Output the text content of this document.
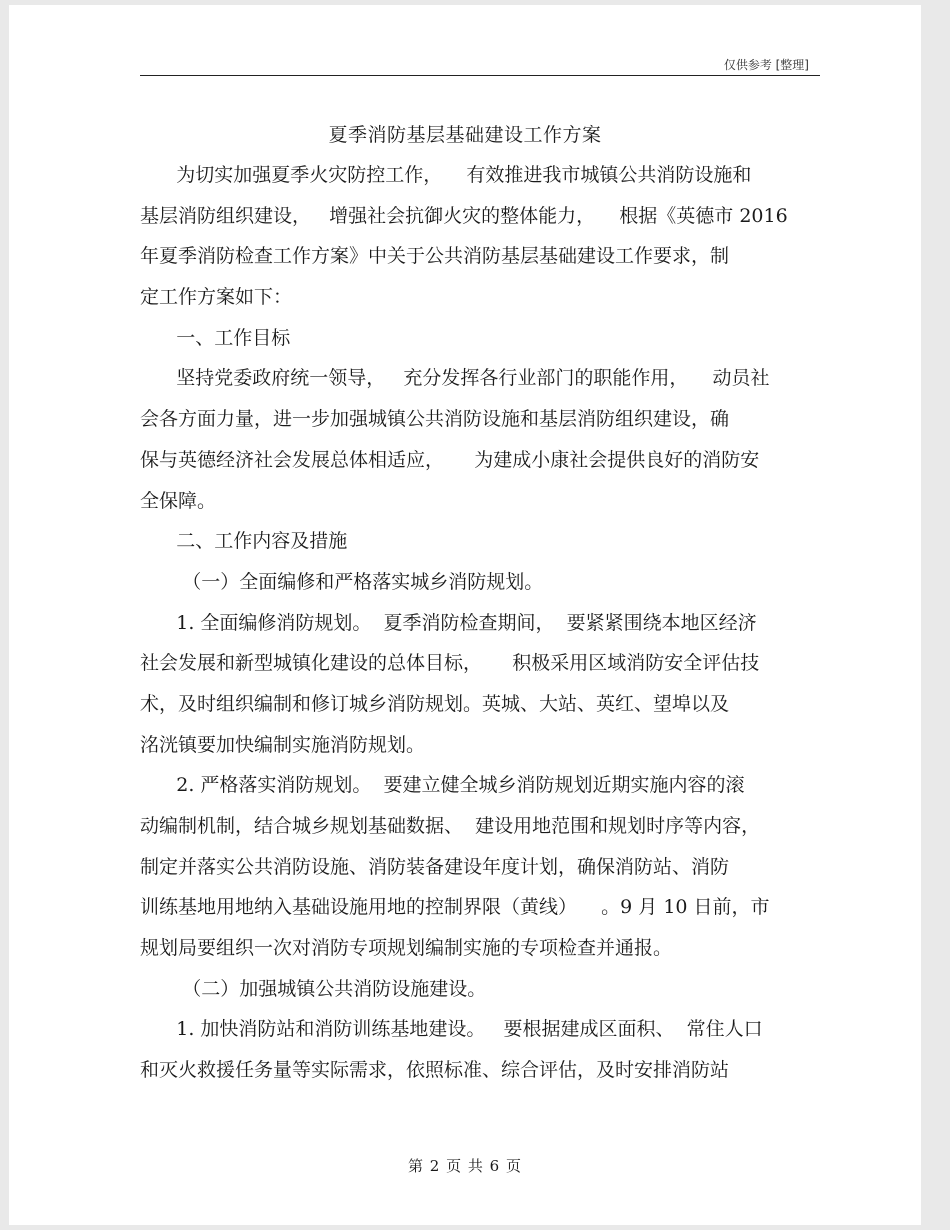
仅供参考 [整理]
夏季消防基层基础建设工作方案
为切实加强夏季火灾防控工作，    有效推进我市城镇公共消防设施和
基层消防组织建设，   增强社会抗御火灾的整体能力，    根据《英德市 2016
年夏季消防检查工作方案》中关于公共消防基层基础建设工作要求，制
定工作方案如下：
一、工作目标
坚持党委政府统一领导，   充分发挥各行业部门的职能作用，    动员社
会各方面力量，进一步加强城镇公共消防设施和基层消防组织建设，确
保与英德经济社会发展总体相适应，     为建成小康社会提供良好的消防安
全保障。
二、工作内容及措施
（一）全面编修和严格落实城乡消防规划。
1. 全面编修消防规划。  夏季消防检查期间，  要紧紧围绕本地区经济
社会发展和新型城镇化建设的总体目标，     积极采用区域消防安全评估技
术，及时组织编制和修订城乡消防规划。英城、大站、英红、望埠以及
洺洸镇要加快编制实施消防规划。
2. 严格落实消防规划。  要建立健全城乡消防规划近期实施内容的滚
动编制机制，结合城乡规划基础数据、  建设用地范围和规划时序等内容，
制定并落实公共消防设施、消防装备建设年度计划，确保消防站、消防
训练基地用地纳入基础设施用地的控制界限（黄线）    。9 月 10 日前，市
规划局要组织一次对消防专项规划编制实施的专项检查并通报。
（二）加强城镇公共消防设施建设。
1. 加快消防站和消防训练基地建设。   要根据建成区面积、  常住人口
和灭火救援任务量等实际需求，依照标准、综合评估，及时安排消防站
第 2 页 共 6 页
